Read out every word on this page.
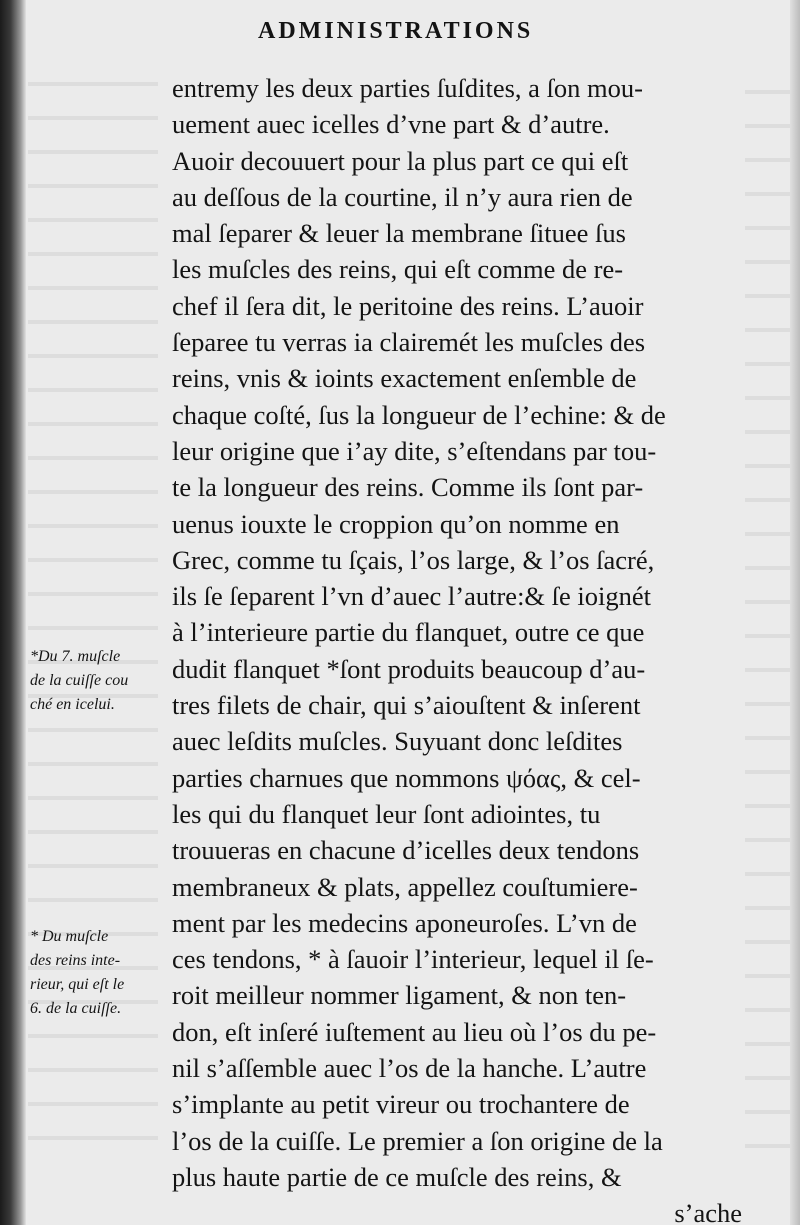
ADMINISTRATIONS
entremy les deux parties ſuſdites, a ſon mou-
uement auec icelles d’vne part & d’autre.
Auoir decouuert pour la plus part ce qui eſt
au deſſous de la courtine, il n’y aura rien de
mal ſeparer & leuer la membrane ſituee ſus
les muſcles des reins, qui eſt comme de re-
chef il ſera dit, le peritoine des reins. L’auoir
ſeparee tu verras ia clairemét les muſcles des
reins, vnis & ioints exactement enſemble de
chaque coſté, ſus la longueur de l’echine: & de
leur origine que i’ay dite, s’eſtendans par tou-
te la longueur des reins. Comme ils ſont par-
uenus iouxte le croppion qu’on nomme en
Grec, comme tu ſçais, l’os large, & l’os ſacré,
ils ſe ſeparent l’vn d’auec l’autre:& ſe ioignét
à l’interieure partie du flanquet, outre ce que
dudit flanquet *ſont produits beaucoup d’au-
tres filets de chair, qui s’aiouſtent & inſerent
auec leſdits muſcles. Suyuant donc leſdites
parties charnues que nommons ψόας, & cel-
les qui du flanquet leur ſont adiointes, tu
trouueras en chacune d’icelles deux tendons
membraneux & plats, appellez couſtumiere-
ment par les medecins aponeuroſes. L’vn de
ces tendons, * à ſauoir l’interieur, lequel il ſe-
roit meilleur nommer ligament, & non ten-
don, eſt inſeré iuſtement au lieu où l’os du pe-
nil s’aſſemble auec l’os de la hanche. L’autre
s’implante au petit vireur ou trochantere de
l’os de la cuiſſe. Le premier a ſon origine de la
plus haute partie de ce muſcle des reins, &
s’ache
*Du 7. muſcle
de la cuiſſe cou
ché en icelui.
* Du muſcle
des reins inte-
rieur, qui eſt le
6. de la cuiſſe.
